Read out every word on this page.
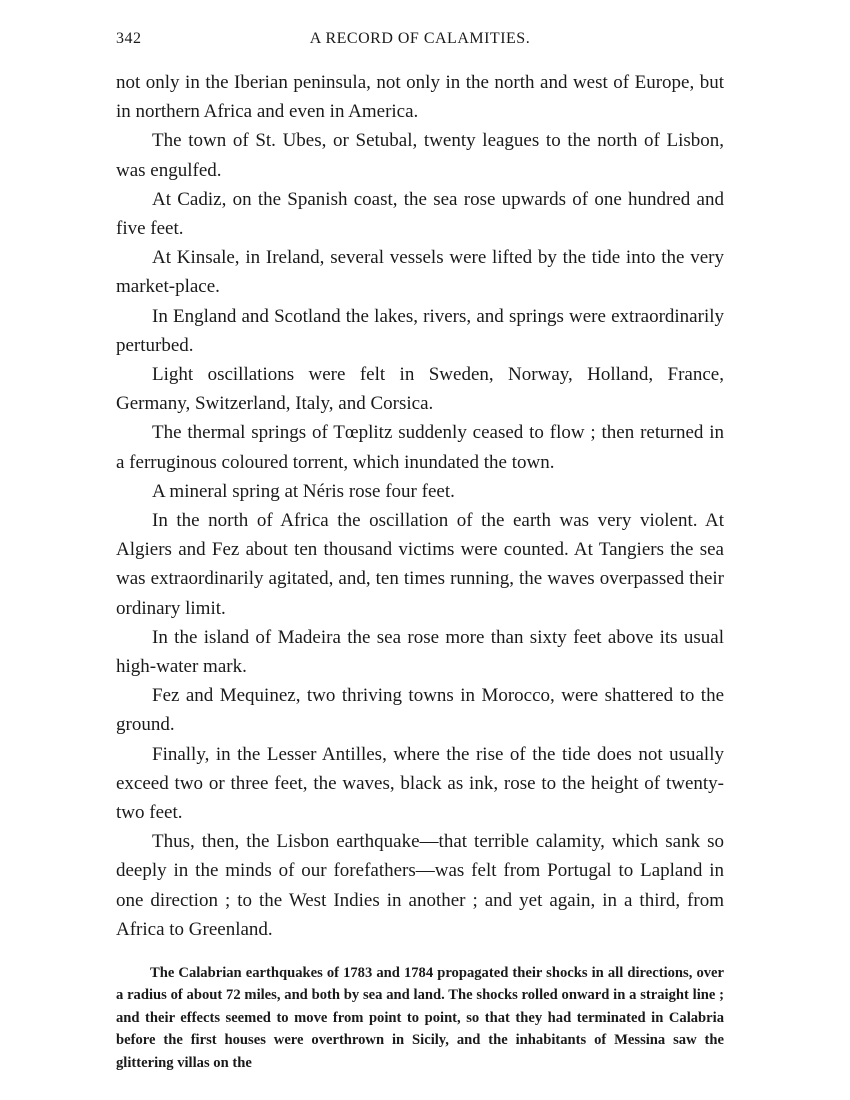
342	A RECORD OF CALAMITIES.

not only in the Iberian peninsula, not only in the north and west of Europe, but in northern Africa and even in America.

The town of St. Ubes, or Setubal, twenty leagues to the north of Lisbon, was engulfed.

At Cadiz, on the Spanish coast, the sea rose upwards of one hundred and five feet.

At Kinsale, in Ireland, several vessels were lifted by the tide into the very market-place.

In England and Scotland the lakes, rivers, and springs were extraordinarily perturbed.

Light oscillations were felt in Sweden, Norway, Holland, France, Germany, Switzerland, Italy, and Corsica.

The thermal springs of Tœplitz suddenly ceased to flow ; then returned in a ferruginous coloured torrent, which inundated the town.

A mineral spring at Néris rose four feet.

In the north of Africa the oscillation of the earth was very violent. At Algiers and Fez about ten thousand victims were counted. At Tangiers the sea was extraordinarily agitated, and, ten times running, the waves overpassed their ordinary limit.

In the island of Madeira the sea rose more than sixty feet above its usual high-water mark.

Fez and Mequinez, two thriving towns in Morocco, were shattered to the ground.

Finally, in the Lesser Antilles, where the rise of the tide does not usually exceed two or three feet, the waves, black as ink, rose to the height of twenty-two feet.

Thus, then, the Lisbon earthquake—that terrible calamity, which sank so deeply in the minds of our forefathers—was felt from Portugal to Lapland in one direction ; to the West Indies in another ; and yet again, in a third, from Africa to Greenland.

The Calabrian earthquakes of 1783 and 1784 propagated their shocks in all directions, over a radius of about 72 miles, and both by sea and land. The shocks rolled onward in a straight line ; and their effects seemed to move from point to point, so that they had terminated in Calabria before the first houses were overthrown in Sicily, and the inhabitants of Messina saw the glittering villas on the
